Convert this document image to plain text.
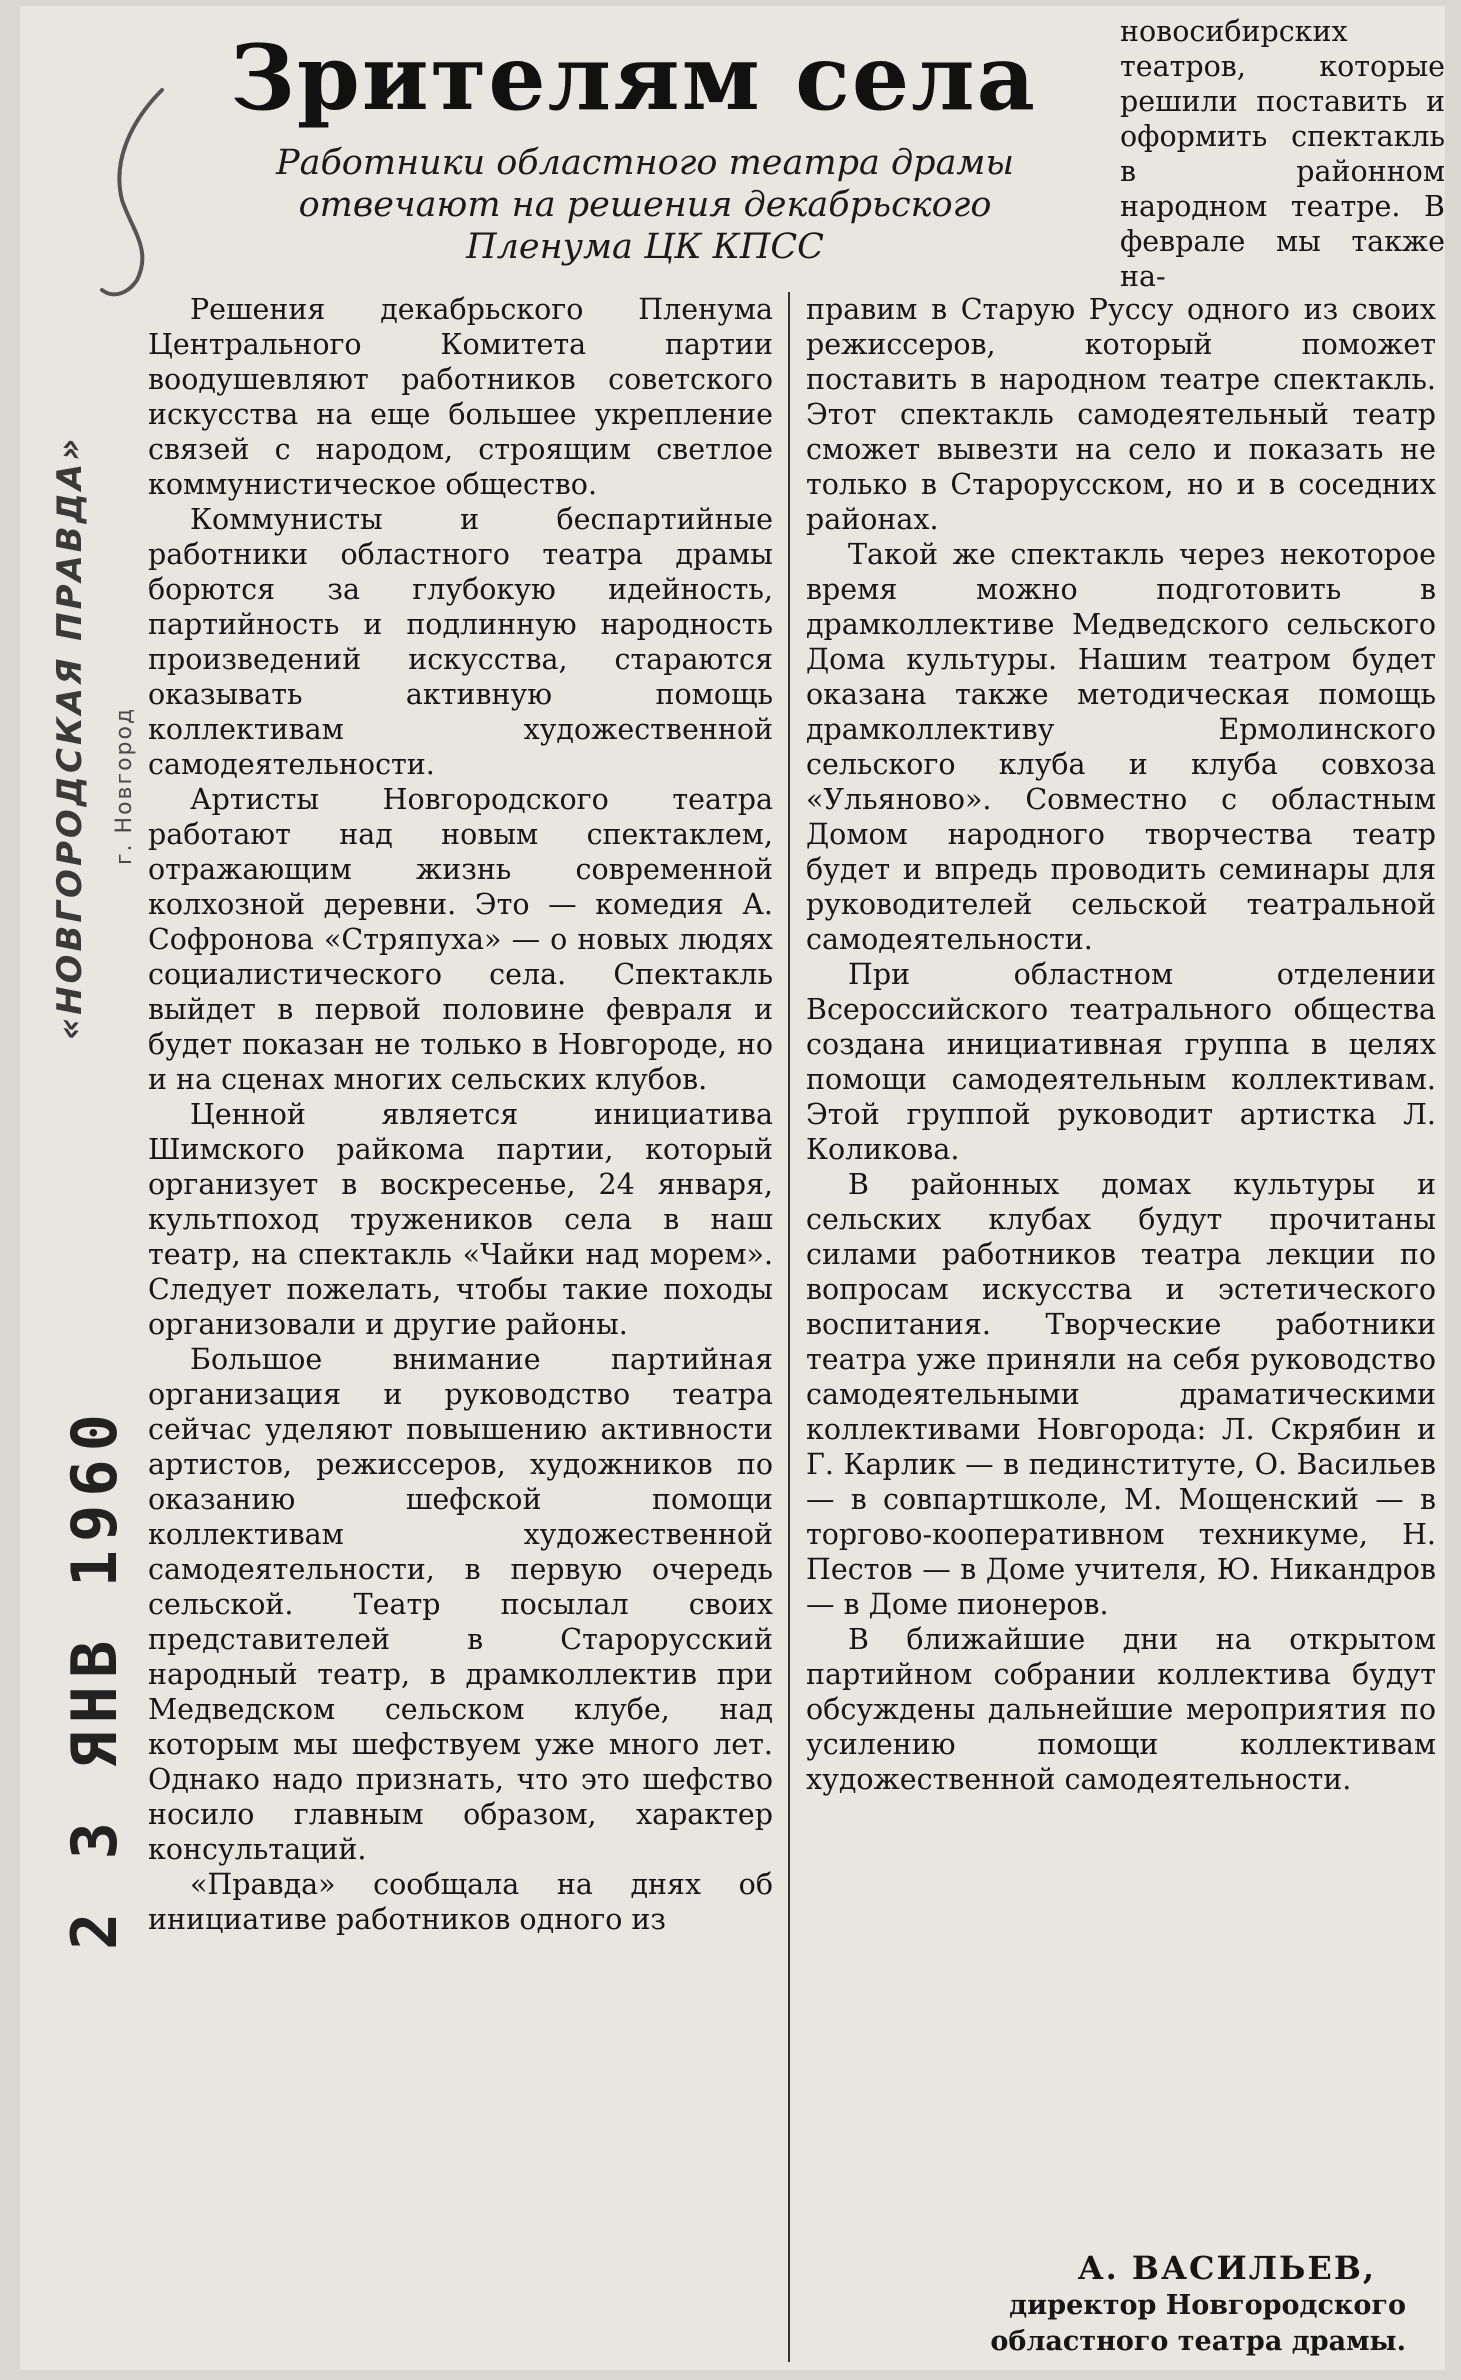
Зрителям села
Работники областного театра драмы
отвечают на решения декабрьского
Пленума ЦК КПСС

новосибирских театров, которые решили поставить и оформить спектакль в районном народном театре. В феврале мы также на-

Решения декабрьского Пленума Центрального Комитета партии воодушевляют работников советского искусства на еще большее укрепление связей с народом, строящим светлое коммунистическое общество.

Коммунисты и беспартийные работники областного театра драмы борются за глубокую идейность, партийность и подлинную народность произведений искусства, стараются оказывать активную помощь коллективам художественной самодеятельности.

Артисты Новгородского театра работают над новым спектаклем, отражающим жизнь современной колхозной деревни. Это — комедия А. Софронова «Стряпуха» — о новых людях социалистического села. Спектакль выйдет в первой половине февраля и будет показан не только в Новгороде, но и на сценах многих сельских клубов.

Ценной является инициатива Шимского райкома партии, который организует в воскресенье, 24 января, культпоход тружеников села в наш театр, на спектакль «Чайки над морем». Следует пожелать, чтобы такие походы организовали и другие районы.

Большое внимание партийная организация и руководство театра сейчас уделяют повышению активности артистов, режиссеров, художников по оказанию шефской помощи коллективам художественной самодеятельности, в первую очередь сельской. Театр посылал своих представителей в Старорусский народный театр, в драмколлектив при Медведском сельском клубе, над которым мы шефствуем уже много лет. Однако надо признать, что это шефство носило главным образом, характер консультаций.

«Правда» сообщала на днях об инициативе работников одного из

правим в Старую Руссу одного из своих режиссеров, который поможет поставить в народном театре спектакль. Этот спектакль самодеятельный театр сможет вывезти на село и показать не только в Старорусском, но и в соседних районах.

Такой же спектакль через некоторое время можно подготовить в драмколлективе Медведского сельского Дома культуры. Нашим театром будет оказана также методическая помощь драмколлективу Ермолинского сельского клуба и клуба совхоза «Ульяново». Совместно с областным Домом народного творчества театр будет и впредь проводить семинары для руководителей сельской театральной самодеятельности.

При областном отделении Всероссийского театрального общества создана инициативная группа в целях помощи самодеятельным коллективам. Этой группой руководит артистка Л. Коликова.

В районных домах культуры и сельских клубах будут прочитаны силами работников театра лекции по вопросам искусства и эстетического воспитания. Творческие работники театра уже приняли на себя руководство самодеятельными драматическими коллективами Новгорода: Л. Скрябин и Г. Карлик — в пединституте, О. Васильев — в совпартшколе, М. Мощенский — в торгово-кооперативном техникуме, Н. Пестов — в Доме учителя, Ю. Никандров — в Доме пионеров.

В ближайшие дни на открытом партийном собрании коллектива будут обсуждены дальнейшие мероприятия по усилению помощи коллективам художественной самодеятельности.

А. ВАСИЛЬЕВ,
директор Новгородского
областного театра драмы.
«НОВГОРОДСКАЯ ПРАВДА» г. Новгород
2 3 ЯНВ 1960
